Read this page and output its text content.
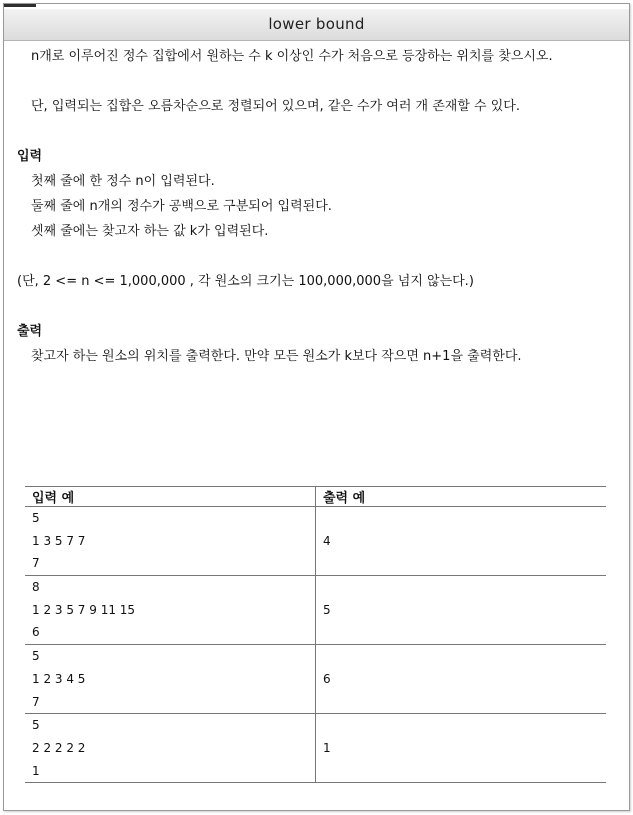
lower bound
n개로 이루어진 정수 집합에서 원하는 수 k 이상인 수가 처음으로 등장하는 위치를 찾으시오.
단, 입력되는 집합은 오름차순으로 정렬되어 있으며, 같은 수가 여러 개 존재할 수 있다.
입력
첫째 줄에 한 정수 n이 입력된다.
둘째 줄에 n개의 정수가 공백으로 구분되어 입력된다.
셋째 줄에는 찾고자 하는 값 k가 입력된다.
(단, 2 <= n <= 1,000,000 , 각 원소의 크기는 100,000,000을 넘지 않는다.)
출력
찾고자 하는 원소의 위치를 출력한다. 만약 모든 원소가 k보다 작으면 n+1을 출력한다.
입력 예	출력 예

5
1 3 5 7 7
7	4

8
1 2 3 5 7 9 11 15
6	5

5
1 2 3 4 5
7	6

5
2 2 2 2 2
1	1
